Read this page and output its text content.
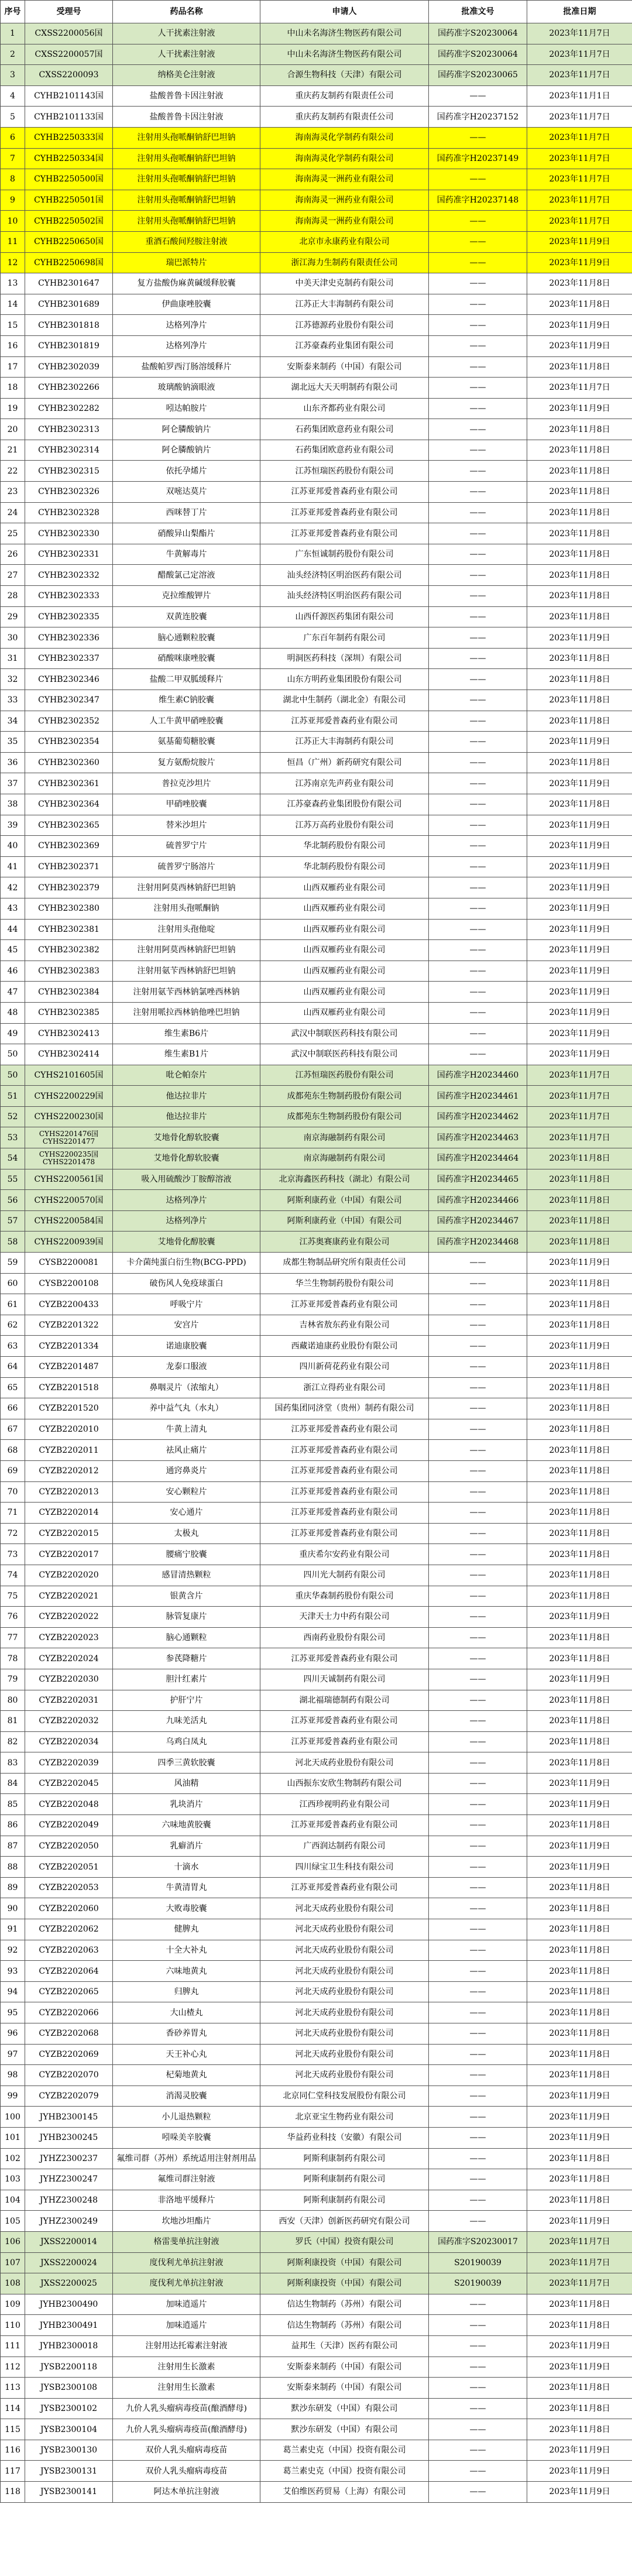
序号	受理号	药品名称	申请人	批准文号	批准日期
1	CXSS2200056国	人干扰素注射液	中山未名海济生物医药有限公司	国药准字S20230064	2023年11月7日
2	CXSS2200057国	人干扰素注射液	中山未名海济生物医药有限公司	国药准字S20230064	2023年11月7日
3	CXSS2200093	纳格美仑注射液	合源生物科技（天津）有限公司	国药准字S20230065	2023年11月7日
4	CYHB2101143国	盐酸普鲁卡因注射液	重庆药友制药有限责任公司	——	2023年11月1日
5	CYHB2101133国	盐酸普鲁卡因注射液	重庆药友制药有限责任公司	国药准字H20237152	2023年11月7日
6	CYHB2250333国	注射用头孢哌酮钠舒巴坦钠	海南海灵化学制药有限公司	——	2023年11月7日
7	CYHB2250334国	注射用头孢哌酮钠舒巴坦钠	海南海灵化学制药有限公司	国药准字H20237149	2023年11月7日
8	CYHB2250500国	注射用头孢哌酮钠舒巴坦钠	海南海灵一洲药业有限公司	——	2023年11月7日
9	CYHB2250501国	注射用头孢哌酮钠舒巴坦钠	海南海灵一洲药业有限公司	国药准字H20237148	2023年11月7日
10	CYHB2250502国	注射用头孢哌酮钠舒巴坦钠	海南海灵一洲药业有限公司	——	2023年11月7日
11	CYHB2250650国	重酒石酸间羟胺注射液	北京市永康药业有限公司	——	2023年11月9日
12	CYHB2250698国	瑞巴派特片	浙江海力生制药有限责任公司	——	2023年11月9日
13	CYHB2301647	复方盐酸伪麻黄碱缓释胶囊	中美天津史克制药有限公司	——	2023年11月8日
14	CYHB2301689	伊曲康唑胶囊	江苏正大丰海制药有限公司	——	2023年11月8日
15	CYHB2301818	达格列净片	江苏德源药业股份有限公司	——	2023年11月9日
16	CYHB2301819	达格列净片	江苏豪森药业集团有限公司	——	2023年11月9日
17	CYHB2302039	盐酸帕罗西汀肠溶缓释片	安斯泰来制药（中国）有限公司	——	2023年11月8日
18	CYHB2302266	玻璃酸钠滴眼液	湖北远大天天明制药有限公司	——	2023年11月7日
19	CYHB2302282	吲达帕胺片	山东齐都药业有限公司	——	2023年11月9日
20	CYHB2302313	阿仑膦酸钠片	石药集团欧意药业有限公司	——	2023年11月8日
21	CYHB2302314	阿仑膦酸钠片	石药集团欧意药业有限公司	——	2023年11月8日
22	CYHB2302315	依托孕烯片	江苏恒瑞医药股份有限公司	——	2023年11月8日
23	CYHB2302326	双嘧达莫片	江苏亚邦爱普森药业有限公司	——	2023年11月8日
24	CYHB2302328	西咪替丁片	江苏亚邦爱普森药业有限公司	——	2023年11月8日
25	CYHB2302330	硝酸异山梨酯片	江苏亚邦爱普森药业有限公司	——	2023年11月8日
26	CYHB2302331	牛黄解毒片	广东恒诚制药股份有限公司	——	2023年11月8日
27	CYHB2302332	醋酸氯己定溶液	汕头经济特区明治医药有限公司	——	2023年11月8日
28	CYHB2302333	克拉维酸钾片	汕头经济特区明治医药有限公司	——	2023年11月8日
29	CYHB2302335	双黄连胶囊	山西仟源医药集团有限公司	——	2023年11月8日
30	CYHB2302336	脑心通颗粒胶囊	广东百年制药有限公司	——	2023年11月9日
31	CYHB2302337	硝酸咪康唑胶囊	明洞医药科技（深圳）有限公司	——	2023年11月8日
32	CYHB2302346	盐酸二甲双胍缓释片	山东方明药业集团股份有限公司	——	2023年11月8日
33	CYHB2302347	维生素C钠胶囊	湖北中生制药（湖北金）有限公司	——	2023年11月8日
34	CYHB2302352	人工牛黄甲硝唑胶囊	江苏亚邦爱普森药业有限公司	——	2023年11月8日
35	CYHB2302354	氨基葡萄糖胶囊	江苏正大丰海制药有限公司	——	2023年11月9日
36	CYHB2302360	复方氨酚烷胺片	恒昌（广州）新药研究有限公司	——	2023年11月8日
37	CYHB2302361	普拉克沙坦片	江苏南京先声药业有限公司	——	2023年11月9日
38	CYHB2302364	甲硝唑胶囊	江苏豪森药业集团股份有限公司	——	2023年11月8日
39	CYHB2302365	替米沙坦片	江苏万高药业股份有限公司	——	2023年11月9日
40	CYHB2302369	硫普罗宁片	华北制药股份有限公司	——	2023年11月9日
41	CYHB2302371	硫普罗宁肠溶片	华北制药股份有限公司	——	2023年11月9日
42	CYHB2302379	注射用阿莫西林钠舒巴坦钠	山西双雁药业有限公司	——	2023年11月9日
43	CYHB2302380	注射用头孢哌酮钠	山西双雁药业有限公司	——	2023年11月9日
44	CYHB2302381	注射用头孢他啶	山西双雁药业有限公司	——	2023年11月9日
45	CYHB2302382	注射用阿莫西林钠舒巴坦钠	山西双雁药业有限公司	——	2023年11月9日
46	CYHB2302383	注射用氨苄西林钠舒巴坦钠	山西双雁药业有限公司	——	2023年11月9日
47	CYHB2302384	注射用氨苄西林钠氯唑西林钠	山西双雁药业有限公司	——	2023年11月9日
48	CYHB2302385	注射用哌拉西林钠他唑巴坦钠	山西双雁药业有限公司	——	2023年11月9日
49	CYHB2302413	维生素B6片	武汉中制联医药科技有限公司	——	2023年11月9日
50	CYHB2302414	维生素B1片	武汉中制联医药科技有限公司	——	2023年11月9日
50	CYHS2101605国	吡仑帕奈片	江苏恒瑞医药股份有限公司	国药准字H20234460	2023年11月7日
51	CYHS2200229国	他达拉非片	成都苑东生物制药股份有限公司	国药准字H20234461	2023年11月7日
52	CYHS2200230国	他达拉非片	成都苑东生物制药股份有限公司	国药准字H20234462	2023年11月7日
53	CYHS2201476国 CYHS2201477	艾地骨化醇软胶囊	南京海融制药有限公司	国药准字H20234463	2023年11月7日
54	CYHS2200235国 CYHS2201478	艾地骨化醇软胶囊	南京海融制药有限公司	国药准字H20234464	2023年11月8日
55	CYHS2200561国	吸入用硫酸沙丁胺醇溶液	北京海鑫医药科技（湖北）有限公司	国药准字H20234465	2023年11月8日
56	CYHS2200570国	达格列净片	阿斯利康药业（中国）有限公司	国药准字H20234466	2023年11月8日
57	CYHS2200584国	达格列净片	阿斯利康药业（中国）有限公司	国药准字H20234467	2023年11月8日
58	CYHS2200939国	艾地骨化醇胶囊	江苏奥赛康药业有限公司	国药准字H20234468	2023年11月8日
59	CYSB2200081	卡介菌纯蛋白衍生物(BCG-PPD)	成都生物制品研究所有限责任公司	——	2023年11月9日
60	CYSB2200108	破伤风人免疫球蛋白	华兰生物制药股份有限公司	——	2023年11月8日
61	CYZB2200433	呼吸宁片	江苏亚邦爱普森药业有限公司	——	2023年11月8日
62	CYZB2201322	安宫片	吉林省敖东药业有限公司	——	2023年11月8日
63	CYZB2201334	诺迪康胶囊	西藏诺迪康药业股份有限公司	——	2023年11月9日
64	CYZB2201487	龙泰口服液	四川新荷花药业有限公司	——	2023年11月8日
65	CYZB2201518	鼻咽灵片（浓缩丸）	浙江立得药业有限公司	——	2023年11月8日
66	CYZB2201520	养中益气丸（水丸）	国药集团同济堂（贵州）制药有限公司	——	2023年11月8日
67	CYZB2202010	牛黄上清丸	江苏亚邦爱普森药业有限公司	——	2023年11月8日
68	CYZB2202011	祛风止痛片	江苏亚邦爱普森药业有限公司	——	2023年11月8日
69	CYZB2202012	通窍鼻炎片	江苏亚邦爱普森药业有限公司	——	2023年11月8日
70	CYZB2202013	安心颗粒片	江苏亚邦爱普森药业有限公司	——	2023年11月8日
71	CYZB2202014	安心通片	江苏亚邦爱普森药业有限公司	——	2023年11月8日
72	CYZB2202015	太极丸	江苏亚邦爱普森药业有限公司	——	2023年11月8日
73	CYZB2202017	腰痛宁胶囊	重庆希尔安药业有限公司	——	2023年11月8日
74	CYZB2202020	感冒清热颗粒	四川光大制药有限公司	——	2023年11月8日
75	CYZB2202021	银黄含片	重庆华森制药股份有限公司	——	2023年11月8日
76	CYZB2202022	脉管复康片	天津天士力中药有限公司	——	2023年11月9日
77	CYZB2202023	脑心通颗粒	西南药业股份有限公司	——	2023年11月8日
78	CYZB2202024	参芪降糖片	江苏亚邦爱普森药业有限公司	——	2023年11月8日
79	CYZB2202030	胆汁红素片	四川天诚制药有限公司	——	2023年11月9日
80	CYZB2202031	护肝宁片	湖北福瑞德制药有限公司	——	2023年11月8日
81	CYZB2202032	九味羌活丸	江苏亚邦爱普森药业有限公司	——	2023年11月8日
82	CYZB2202034	乌鸡白凤丸	江苏亚邦爱普森药业有限公司	——	2023年11月8日
83	CYZB2202039	四季三黄软胶囊	河北天成药业股份有限公司	——	2023年11月8日
84	CYZB2202045	风油精	山西振东安欣生物制药有限公司	——	2023年11月9日
85	CYZB2202048	乳块消片	江西珍视明药业有限公司	——	2023年11月9日
86	CYZB2202049	六味地黄胶囊	江苏亚邦爱普森药业有限公司	——	2023年11月8日
87	CYZB2202050	乳癖消片	广西润达制药有限公司	——	2023年11月9日
88	CYZB2202051	十滴水	四川绿宝卫生科技有限公司	——	2023年11月9日
89	CYZB2202053	牛黄清胃丸	江苏亚邦爱普森药业有限公司	——	2023年11月8日
90	CYZB2202060	大败毒胶囊	河北天成药业股份有限公司	——	2023年11月8日
91	CYZB2202062	健脾丸	河北天成药业股份有限公司	——	2023年11月8日
92	CYZB2202063	十全大补丸	河北天成药业股份有限公司	——	2023年11月8日
93	CYZB2202064	六味地黄丸	河北天成药业股份有限公司	——	2023年11月8日
94	CYZB2202065	归脾丸	河北天成药业股份有限公司	——	2023年11月8日
95	CYZB2202066	大山楂丸	河北天成药业股份有限公司	——	2023年11月8日
96	CYZB2202068	香砂养胃丸	河北天成药业股份有限公司	——	2023年11月8日
97	CYZB2202069	天王补心丸	河北天成药业股份有限公司	——	2023年11月8日
98	CYZB2202070	杞菊地黄丸	河北天成药业股份有限公司	——	2023年11月8日
99	CYZB2202079	消渴灵胶囊	北京同仁堂科技发展股份有限公司	——	2023年11月9日
100	JYHB2300145	小儿退热颗粒	北京亚宝生物药业有限公司	——	2023年11月9日
101	JYHB2300245	吲哚美辛胶囊	华益药业科技（安徽）有限公司	——	2023年11月9日
102	JYHZ2300237	氟维司群（苏州）系统适用注射剂用品	阿斯利康制药有限公司	——	2023年11月8日
103	JYHZ2300247	氟维司群注射液	阿斯利康制药有限公司	——	2023年11月8日
104	JYHZ2300248	非洛地平缓释片	阿斯利康制药有限公司	——	2023年11月8日
105	JYHZ2300249	坎地沙坦酯片	西安（天津）创新医药研究有限公司	——	2023年11月9日
106	JXSS2200014	格雷斐单抗注射液	罗氏（中国）投资有限公司	国药准字S20230017	2023年11月7日
107	JXSS2200024	度伐利尤单抗注射液	阿斯利康投资（中国）有限公司	S20190039	2023年11月7日
108	JXSS2200025	度伐利尤单抗注射液	阿斯利康投资（中国）有限公司	S20190039	2023年11月7日
109	JYHB2300490	加味逍遥片	信达生物制药（苏州）有限公司	——	2023年11月8日
110	JYHB2300491	加味逍遥片	信达生物制药（苏州）有限公司	——	2023年11月8日
111	JYHB2300018	注射用达托霉素注射液	益邦生（天津）医药有限公司	——	2023年11月9日
112	JYSB2200118	注射用生长激素	安斯泰来制药（中国）有限公司	——	2023年11月9日
113	JYSB2300108	注射用生长激素	安斯泰来制药（中国）有限公司	——	2023年11月8日
114	JYSB2300102	九价人乳头瘤病毒疫苗(酿酒酵母)	默沙东研发（中国）有限公司	——	2023年11月8日
115	JYSB2300104	九价人乳头瘤病毒疫苗(酿酒酵母)	默沙东研发（中国）有限公司	——	2023年11月8日
116	JYSB2300130	双价人乳头瘤病毒疫苗	葛兰素史克（中国）投资有限公司	——	2023年11月9日
117	JYSB2300131	双价人乳头瘤病毒疫苗	葛兰素史克（中国）投资有限公司	——	2023年11月9日
118	JYSB2300141	阿达木单抗注射液	艾伯维医药贸易（上海）有限公司	——	2023年11月9日
